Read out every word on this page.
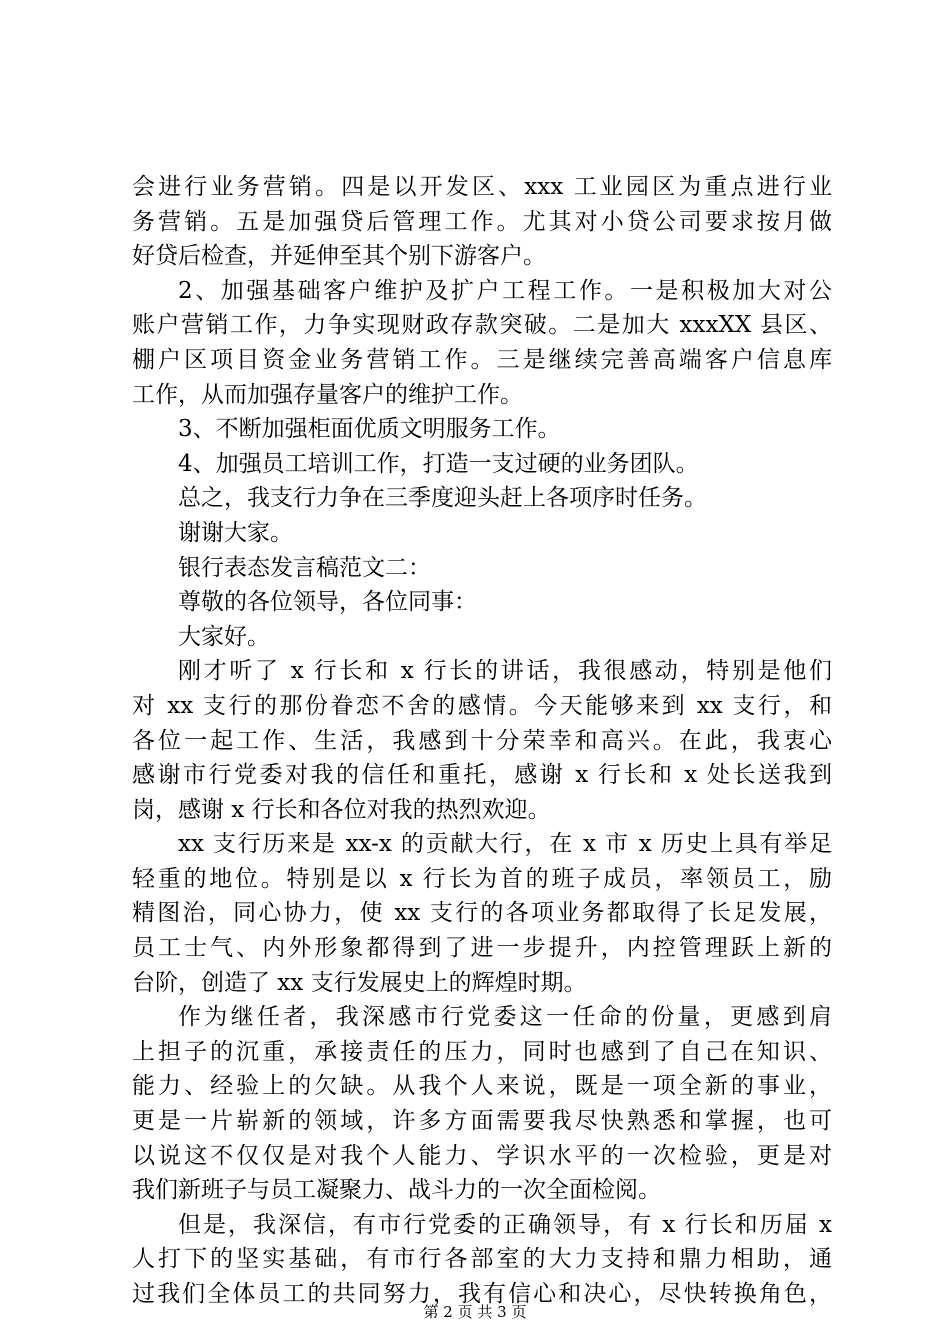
会进行业务营销。四是以开发区、xxx 工业园区为重点进行业
务营销。五是加强贷后管理工作。尤其对小贷公司要求按月做
好贷后检查，并延伸至其个别下游客户。
2、加强基础客户维护及扩户工程工作。一是积极加大对公
账户营销工作，力争实现财政存款突破。二是加大 xxxXX 县区、
棚户区项目资金业务营销工作。三是继续完善高端客户信息库
工作，从而加强存量客户的维护工作。
3、不断加强柜面优质文明服务工作。
4、加强员工培训工作，打造一支过硬的业务团队。
总之，我支行力争在三季度迎头赶上各项序时任务。
谢谢大家。
银行表态发言稿范文二：
尊敬的各位领导，各位同事：
大家好。
刚才听了 x 行长和 x 行长的讲话，我很感动，特别是他们
对 xx 支行的那份眷恋不舍的感情。今天能够来到 xx 支行，和
各位一起工作、生活，我感到十分荣幸和高兴。在此，我衷心
感谢市行党委对我的信任和重托，感谢 x 行长和 x 处长送我到
岗，感谢 x 行长和各位对我的热烈欢迎。
xx 支行历来是 xx-x 的贡献大行，在 x 市 x 历史上具有举足
轻重的地位。特别是以 x 行长为首的班子成员，率领员工，励
精图治，同心协力，使 xx 支行的各项业务都取得了长足发展，
员工士气、内外形象都得到了进一步提升，内控管理跃上新的
台阶，创造了 xx 支行发展史上的辉煌时期。
作为继任者，我深感市行党委这一任命的份量，更感到肩
上担子的沉重，承接责任的压力，同时也感到了自己在知识、
能力、经验上的欠缺。从我个人来说，既是一项全新的事业，
更是一片崭新的领域，许多方面需要我尽快熟悉和掌握，也可
以说这不仅仅是对我个人能力、学识水平的一次检验，更是对
我们新班子与员工凝聚力、战斗力的一次全面检阅。
但是，我深信，有市行党委的正确领导，有 x 行长和历届 x
人打下的坚实基础，有市行各部室的大力支持和鼎力相助，通
过我们全体员工的共同努力，我有信心和决心，尽快转换角色，
第 2 页 共 3 页
